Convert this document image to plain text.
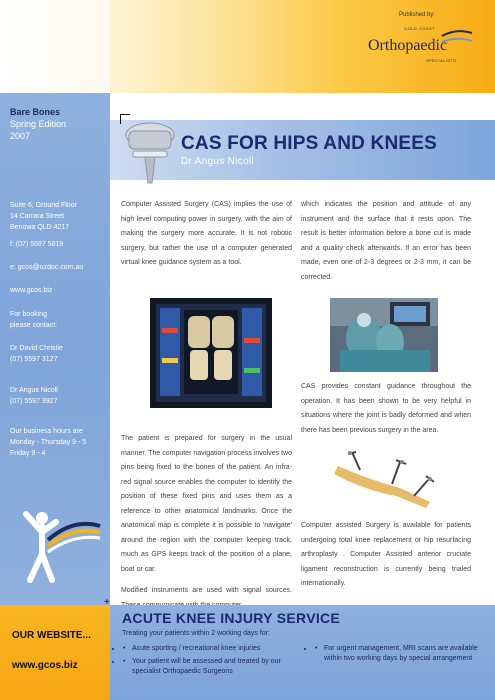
Published by:
GOLD COAST
Orthopaedic
SPECIALISTS
Bare Bones
Spring Edition
2007
Suite 6, Ground Floor
14 Carrara Street
Benowa QLD 4217
f: (07) 5597 5019
e: gcos@ozdoc.com.au
www.gcos.biz
For booking
please contact:
Dr David Christie
(07) 5597 3127
Dr Angus Nicoll
(07) 5597 3927
Our business hours are
Monday - Thursday 9 - 5
Friday 9 - 4
OUR WEBSITE...
www.gcos.biz
CAS FOR HIPS AND KNEES
Dr Angus Nicoll

Computer Assisted Surgery (CAS) implies the use of high level computing power in surgery, with the aim of making the surgery more accurate. It is not robotic surgery, but rather the use of a computer generated virtual knee guidance system as a tool.

The patient is prepared for surgery in the usual manner. The computer navigation process involves two pins being fixed to the bones of the patient. An infra-red signal source enables the computer to identify the position of these fixed pins and uses them as a reference to other anatomical landmarks. Once the anatomical map is complete it is possible to 'navigate' around the region with the computer keeping track, much as GPS keeps track of the position of a plane, boat or car.

Modified instruments are used with signal sources.

which indicates the position and attitude of any instrument and the surface that it rests upon. The result is better information before a bone cut is made and a quality check afterwards. If an error has been made, even one of 2-3 degrees or 2-3 mm, it can be corrected.

CAS provides constant guidance throughout the operation. It has been shown to be very helpful in situations where the joint is badly deformed and when there has been previous surgery in the area.

Computer assisted Surgery is available for patients undergoing total knee replacement or hip resurfacing arthroplasty . Computer Assisted anterior cruciate ligament reconstruction is currently being trialed internationally.

+
ACUTE KNEE INJURY SERVICE
Treating your patients within 2 working days for:
• • Acute sporting / recreational knee injuries
• • Your patient will be assessed and treated by our specialist Orthopaedic Surgeons
• • For urgent management, MRI scans are available within two working days by special arrangement
